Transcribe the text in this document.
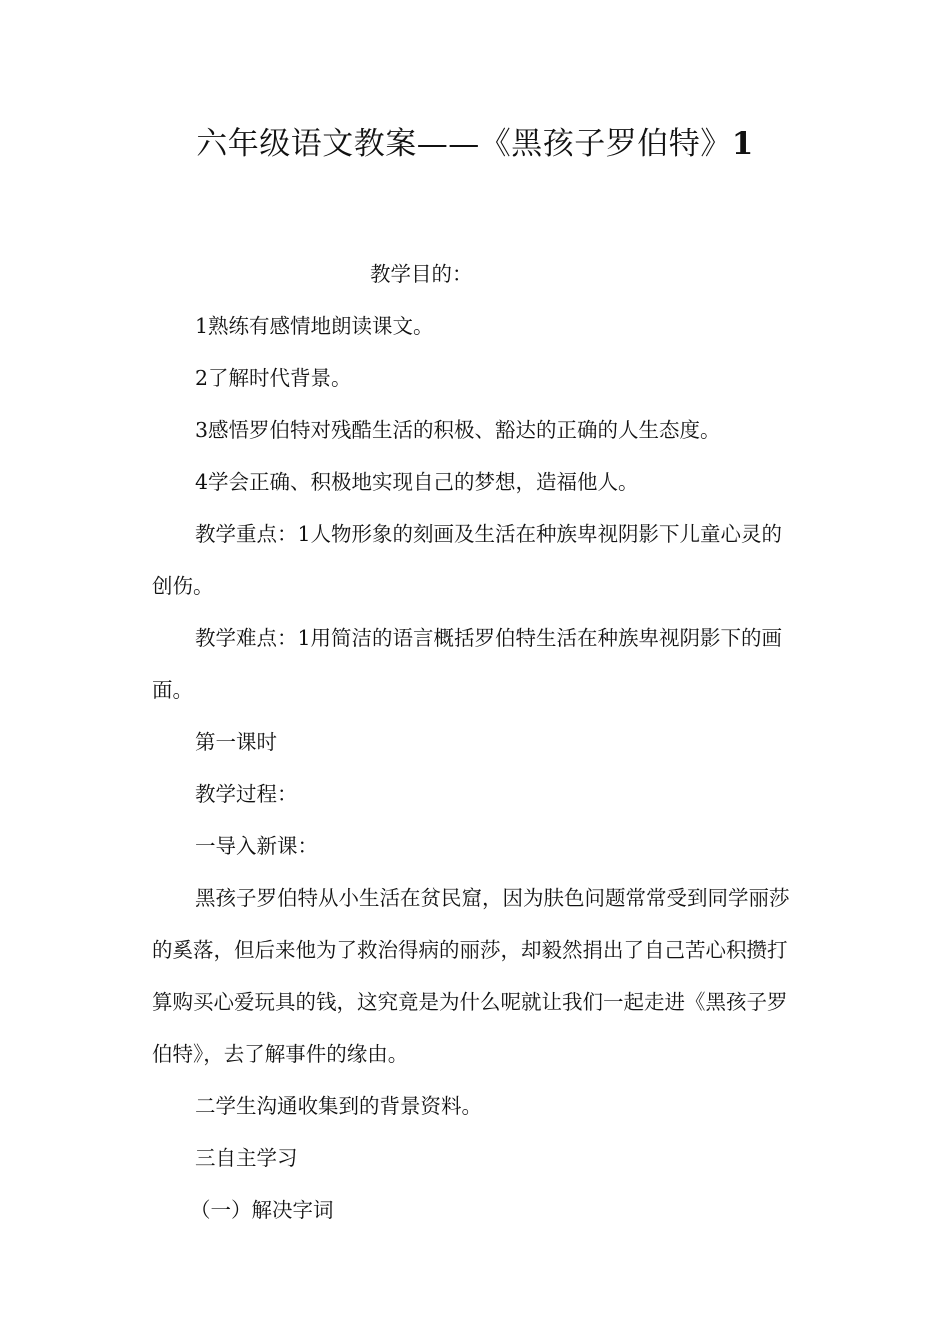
六年级语文教案——《黑孩子罗伯特》1

教学目的：

1熟练有感情地朗读课文。

2了解时代背景。

3感悟罗伯特对残酷生活的积极、豁达的正确的人生态度。

4学会正确、积极地实现自己的梦想，造福他人。

教学重点：1人物形象的刻画及生活在种族卑视阴影下儿童心灵的创伤。

教学难点：1用简洁的语言概括罗伯特生活在种族卑视阴影下的画面。

第一课时

教学过程：

一导入新课：

黑孩子罗伯特从小生活在贫民窟，因为肤色问题常常受到同学丽莎的奚落，但后来他为了救治得病的丽莎，却毅然捐出了自己苦心积攒打算购买心爱玩具的钱，这究竟是为什么呢就让我们一起走进《黑孩子罗伯特》，去了解事件的缘由。

二学生沟通收集到的背景资料。

三自主学习

（一）解决字词
